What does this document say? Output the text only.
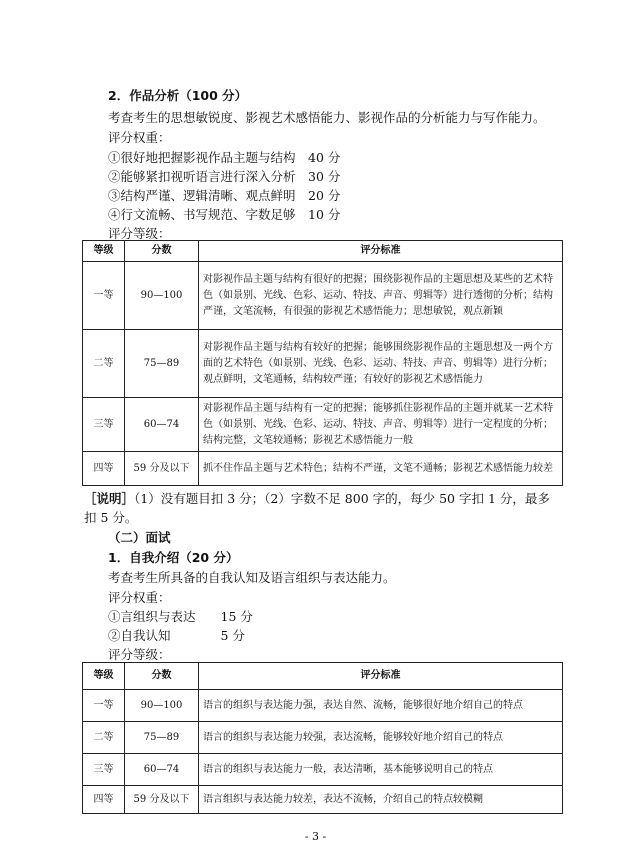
2．作品分析（100 分）
考查考生的思想敏锐度、影视艺术感悟能力、影视作品的分析能力与写作能力。
评分权重：
①很好地把握影视作品主题与结构　40 分
②能够紧扣视听语言进行深入分析　30 分
③结构严谨、逻辑清晰、观点鲜明　20 分
④行文流畅、书写规范、字数足够　10 分
评分等级：
等级	分数	评分标准
一等	90—100	对影视作品主题与结构有很好的把握；围绕影视作品的主题思想及某些的艺术特色（如景别、光线、色彩、运动、特技、声音、剪辑等）进行透彻的分析；结构严谨，文笔流畅，有很强的影视艺术感悟能力；思想敏锐，观点新颖
二等	75—89	对影视作品主题与结构有较好的把握；能够围绕影视作品的主题思想及一两个方面的艺术特色（如景别、光线、色彩、运动、特技、声音、剪辑等）进行分析；观点鲜明，文笔通畅，结构较严谨；有较好的影视艺术感悟能力
三等	60—74	对影视作品主题与结构有一定的把握；能够抓住影视作品的主题并就某一艺术特色（如景别、光线、色彩、运动、特技、声音、剪辑等）进行一定程度的分析；结构完整，文笔较通畅；影视艺术感悟能力一般
四等	59 分及以下	抓不住作品主题与艺术特色；结构不严谨，文笔不通畅；影视艺术感悟能力较差
［说明］（1）没有题目扣 3 分；（2）字数不足 800 字的，每少 50 字扣 1 分，最多
扣 5 分。
（二）面试
1．自我介绍（20 分）
考查考生所具备的自我认知及语言组织与表达能力。
评分权重：
①言组织与表达　　15 分
②自我认知　　　　5 分
评分等级：
等级	分数	评分标准
一等	90—100	语言的组织与表达能力强，表达自然、流畅，能够很好地介绍自己的特点
二等	75—89	语言的组织与表达能力较强，表达流畅，能够较好地介绍自己的特点
三等	60—74	语言的组织与表达能力一般，表达清晰，基本能够说明自己的特点
四等	59 分及以下	语言组织与表达能力较差，表达不流畅，介绍自己的特点较模糊
- 3 -
